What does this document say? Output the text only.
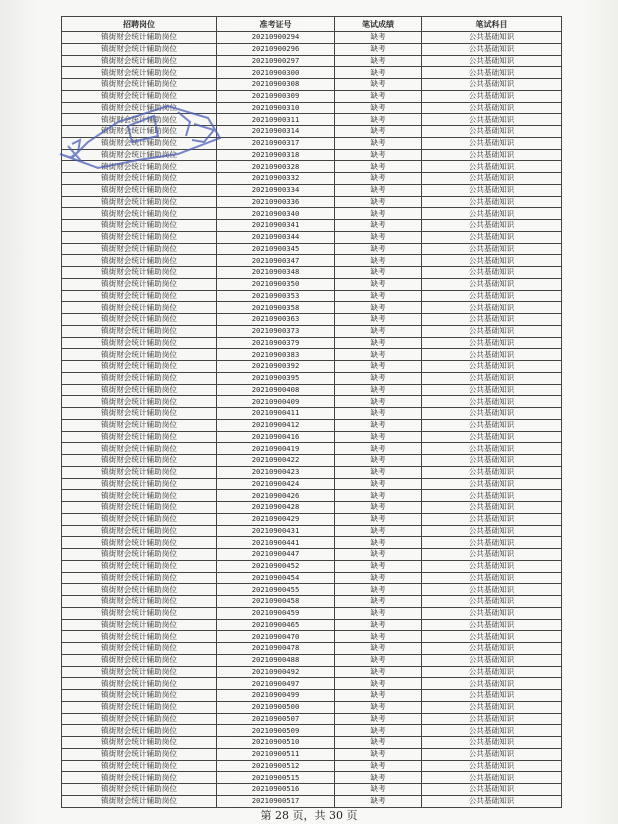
招聘岗位	准考证号	笔试成绩	笔试科目
镇街财会统计辅助岗位	20210900294	缺考	公共基础知识
镇街财会统计辅助岗位	20210900296	缺考	公共基础知识
镇街财会统计辅助岗位	20210900297	缺考	公共基础知识
镇街财会统计辅助岗位	20210900300	缺考	公共基础知识
镇街财会统计辅助岗位	20210900308	缺考	公共基础知识
镇街财会统计辅助岗位	20210900309	缺考	公共基础知识
镇街财会统计辅助岗位	20210900310	缺考	公共基础知识
镇街财会统计辅助岗位	20210900311	缺考	公共基础知识
镇街财会统计辅助岗位	20210900314	缺考	公共基础知识
镇街财会统计辅助岗位	20210900317	缺考	公共基础知识
镇街财会统计辅助岗位	20210900318	缺考	公共基础知识
镇街财会统计辅助岗位	20210900328	缺考	公共基础知识
镇街财会统计辅助岗位	20210900332	缺考	公共基础知识
镇街财会统计辅助岗位	20210900334	缺考	公共基础知识
镇街财会统计辅助岗位	20210900336	缺考	公共基础知识
镇街财会统计辅助岗位	20210900340	缺考	公共基础知识
镇街财会统计辅助岗位	20210900341	缺考	公共基础知识
镇街财会统计辅助岗位	20210900344	缺考	公共基础知识
镇街财会统计辅助岗位	20210900345	缺考	公共基础知识
镇街财会统计辅助岗位	20210900347	缺考	公共基础知识
镇街财会统计辅助岗位	20210900348	缺考	公共基础知识
镇街财会统计辅助岗位	20210900350	缺考	公共基础知识
镇街财会统计辅助岗位	20210900353	缺考	公共基础知识
镇街财会统计辅助岗位	20210900358	缺考	公共基础知识
镇街财会统计辅助岗位	20210900363	缺考	公共基础知识
镇街财会统计辅助岗位	20210900373	缺考	公共基础知识
镇街财会统计辅助岗位	20210900379	缺考	公共基础知识
镇街财会统计辅助岗位	20210900383	缺考	公共基础知识
镇街财会统计辅助岗位	20210900392	缺考	公共基础知识
镇街财会统计辅助岗位	20210900395	缺考	公共基础知识
镇街财会统计辅助岗位	20210900408	缺考	公共基础知识
镇街财会统计辅助岗位	20210900409	缺考	公共基础知识
镇街财会统计辅助岗位	20210900411	缺考	公共基础知识
镇街财会统计辅助岗位	20210900412	缺考	公共基础知识
镇街财会统计辅助岗位	20210900416	缺考	公共基础知识
镇街财会统计辅助岗位	20210900419	缺考	公共基础知识
镇街财会统计辅助岗位	20210900422	缺考	公共基础知识
镇街财会统计辅助岗位	20210900423	缺考	公共基础知识
镇街财会统计辅助岗位	20210900424	缺考	公共基础知识
镇街财会统计辅助岗位	20210900426	缺考	公共基础知识
镇街财会统计辅助岗位	20210900428	缺考	公共基础知识
镇街财会统计辅助岗位	20210900429	缺考	公共基础知识
镇街财会统计辅助岗位	20210900431	缺考	公共基础知识
镇街财会统计辅助岗位	20210900441	缺考	公共基础知识
镇街财会统计辅助岗位	20210900447	缺考	公共基础知识
镇街财会统计辅助岗位	20210900452	缺考	公共基础知识
镇街财会统计辅助岗位	20210900454	缺考	公共基础知识
镇街财会统计辅助岗位	20210900455	缺考	公共基础知识
镇街财会统计辅助岗位	20210900458	缺考	公共基础知识
镇街财会统计辅助岗位	20210900459	缺考	公共基础知识
镇街财会统计辅助岗位	20210900465	缺考	公共基础知识
镇街财会统计辅助岗位	20210900470	缺考	公共基础知识
镇街财会统计辅助岗位	20210900478	缺考	公共基础知识
镇街财会统计辅助岗位	20210900488	缺考	公共基础知识
镇街财会统计辅助岗位	20210900492	缺考	公共基础知识
镇街财会统计辅助岗位	20210900497	缺考	公共基础知识
镇街财会统计辅助岗位	20210900499	缺考	公共基础知识
镇街财会统计辅助岗位	20210900500	缺考	公共基础知识
镇街财会统计辅助岗位	20210900507	缺考	公共基础知识
镇街财会统计辅助岗位	20210900509	缺考	公共基础知识
镇街财会统计辅助岗位	20210900510	缺考	公共基础知识
镇街财会统计辅助岗位	20210900511	缺考	公共基础知识
镇街财会统计辅助岗位	20210900512	缺考	公共基础知识
镇街财会统计辅助岗位	20210900515	缺考	公共基础知识
镇街财会统计辅助岗位	20210900516	缺考	公共基础知识
镇街财会统计辅助岗位	20210900517	缺考	公共基础知识
第 28 页，共 30 页
